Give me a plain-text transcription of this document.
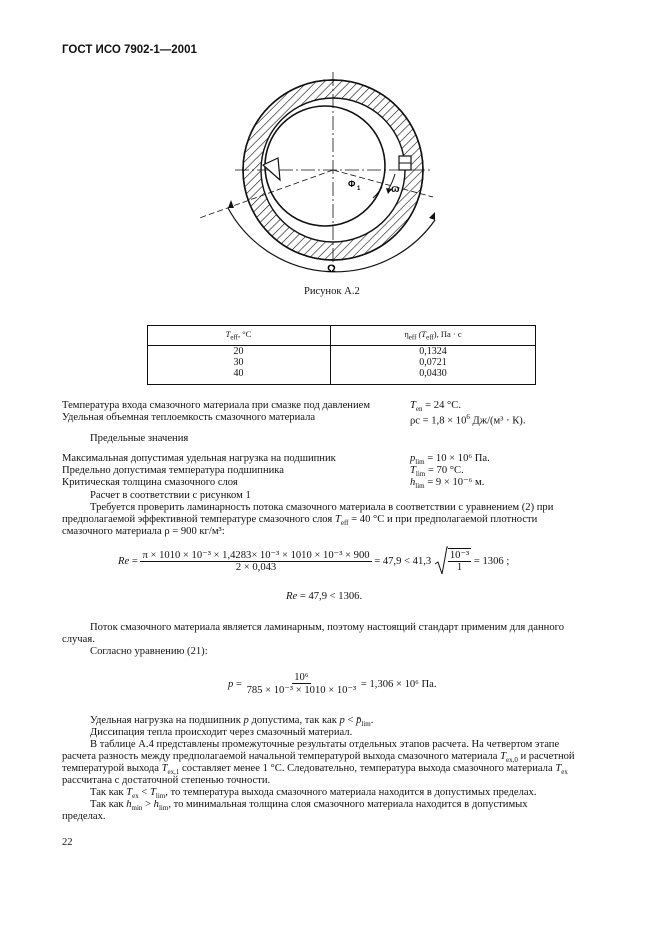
ГОСТ ИСО 7902-1—2001
Φ 1	ω
Ω
Рисунок А.2
$T_{eff}$, °C	$\eta_{eff}$ $(T_{eff})$, Па · с
20	0,1324
30	0,0721
40	0,0430
Температура входа смазочного материала при смазке под давлением	$T_{en} = 24$ °C.
Удельная объемная теплоемкость смазочного материала	$\rho c = 1,8 \times 10^6$ Дж/(м³ · К).
Предельные значения
Максимальная допустимая удельная нагрузка на подшипник	$p_{lim} = 10 \times 10^6$ Па.
Предельно допустимая температура подшипника	$T_{lim} = 70$ °C.
Критическая толщина смазочного слоя	$h_{lim} = 9 \times 10^{-6}$ м.
Расчет в соответствии с рисунком 1
Требуется проверить ламинарность потока смазочного материала в соответствии с уравнением (2) при
предполагаемой эффективной температуре смазочного слоя $T_{eff} = 40$ °C и при предполагаемой плотности
смазочного материала ρ = 900 кг/м³:
$Re = \frac{\text{π × 1010 × 10⁻³ × 1,4283× 10⁻³ × 1010 × 10⁻³ × 900}}{2 \times 0,043}$
= 47,9 < 41,3
$\frac{\text{10⁻³}}{1}$
= 1306 ;
Re = 47,9 < 1306.
Поток смазочного материала является ламинарным, поэтому настоящий стандарт применим для данного
случая.
Согласно уравнению (21):
$p = \frac{\text{10⁶}}{\text{785 × 10⁻³ × 1010 × 10⁻³}}$
= 1,306 × 10⁶ Па.
Удельная нагрузка на подшипник p допустима, так как $p < p̄_{lim}$.
Диссипация тепла происходит через смазочный материал.
В таблице А.4 представлены промежуточные результаты отдельных этапов расчета. На четвертом этапе
расчета разность между предполагаемой начальной температурой выхода смазочного материала $T_{ex,0}$ и расчетной
температурой выхода $T_{ex,1}$ составляет менее 1 °C. Следовательно, температура выхода смазочного материала $T_{ex}$
рассчитана с достаточной степенью точности.
Так как $T_{ex} < T_{lim}$, то температура выхода смазочного материала находится в допустимых пределах.
Так как $h_{min} > h_{lim}$, то минимальная толщина слоя смазочного материала находится в допустимых
пределах.
22
